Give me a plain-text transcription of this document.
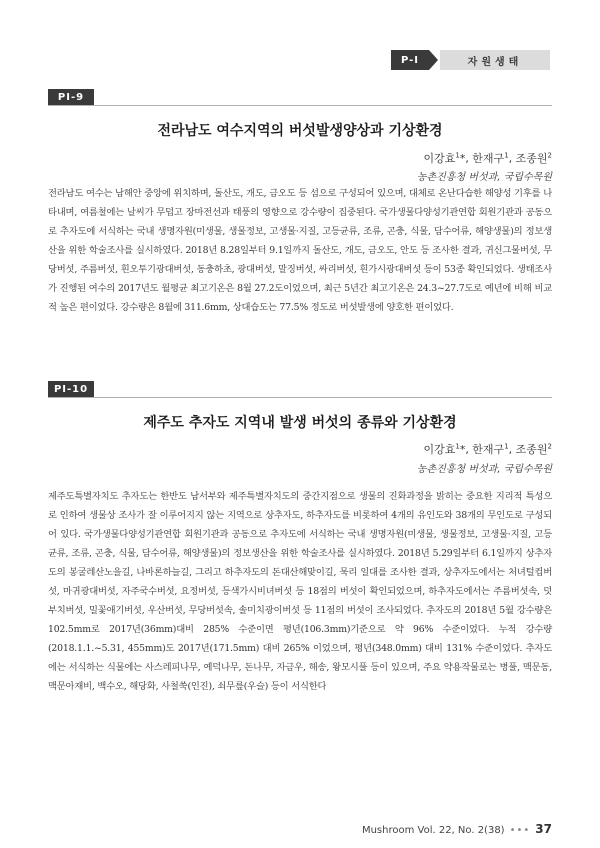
P-I	자원생태
PI-9
전라남도 여수지역의 버섯발생양상과 기상환경
이강효$^1$*, 한재구$^1$, 조종원$^2$
농촌진흥청 버섯과, 국립수목원
전라남도 여수는 남해안 중앙에 위치하며, 돌산도, 개도, 금오도 등 섬으로 구성되어 있으며, 대체로 온난다습한 해양성 기후를 나타내며, 여름철에는 날씨가 무덥고 장마전선과 태풍의 영향으로 강수량이 집중된다. 국가생물다양성기관연합 회원기관과 공동으로 추자도에 서식하는 국내 생명자원(미생물, 생물정보, 고생물·지질, 고등균류, 조류, 곤충, 식물, 담수어류, 해양생물)의 정보생산을 위한 학술조사를 실시하였다. 2018년 8.28일부터 9.1일까지 돌산도, 개도, 금오도, 안도 등 조사한 결과, 귀신그물버섯, 무당버섯, 주름버섯, 흰오투기광대버섯, 동충하초, 광대버섯, 말징버섯, 싸리버섯, 흰가시광대버섯 등이 53종 확인되었다. 생태조사가 진행된 여수의 2017년도 월평균 최고기온은 8월 27.2도이었으며, 최근 5년간 최고기온은 24.3~27.7도로 예년에 비해 비교적 높은 편이었다. 강수량은 8월에 311.6mm, 상대습도는 77.5% 정도로 버섯발생에 양호한 편이었다.
PI-10
제주도 추자도 지역내 발생 버섯의 종류와 기상환경
이강효$^1$*, 한재구$^1$, 조종원$^2$
농촌진흥청 버섯과, 국립수목원
제주도특별자치도 추자도는 한반도 남서부와 제주특별자치도의 중간지점으로 생물의 진화과정을 밝히는 중요한 지리적 특성으로 인하여 생물상 조사가 잘 이루어지지 않는 지역으로 상추자도, 하추자도를 비롯하여 4개의 유인도와 38개의 무인도로 구성되어 있다. 국가생물다양성기관연합 회원기관과 공동으로 추자도에 서식하는 국내 생명자원(미생물, 생물정보, 고생물·지질, 고등균류, 조류, 곤충, 식물, 담수어류, 해양생물)의 정보생산을 위한 학술조사를 실시하였다. 2018년 5.29일부터 6.1일까지 상추자도의 봉굴레산노을길, 나바론하늘길, 그리고 하추자도의 돈대산해맞이길, 묵리 일대를 조사한 결과, 상추자도에서는 처녀털컵버섯, 마귀광대버섯, 자주국수버섯, 요정버섯, 등색가시비녀버섯 등 18점의 버섯이 확인되었으며, 하추자도에서는 주름버섯속, 덧부치버섯, 밀꽃애기버섯, 우산버섯, 무당버섯속, 솔미치광이버섯 등 11점의 버섯이 조사되었다. 추자도의 2018년 5월 강수량은 102.5mm로 2017년(36mm)대비 285% 수준이면 평년(106.3mm)기준으로 약 96% 수준이었다. 누적 강수량(2018.1.1.~5.31, 455mm)도 2017년(171.5mm) 대비 265% 이었으며, 평년(348.0mm) 대비 131% 수준이었다. 추자도에는 서식하는 식물에는 사스레피나무, 예덕나무, 돈나무, 자금우, 해송, 왕모시풀 등이 있으며, 주요 약용작물로는 병풀, 맥문동, 맥문아재비, 백수오, 해당화, 사철쑥(인진), 쇠무릎(우슬) 등이 서식한다
Mushroom Vol. 22, No. 2(38) ••• 37
